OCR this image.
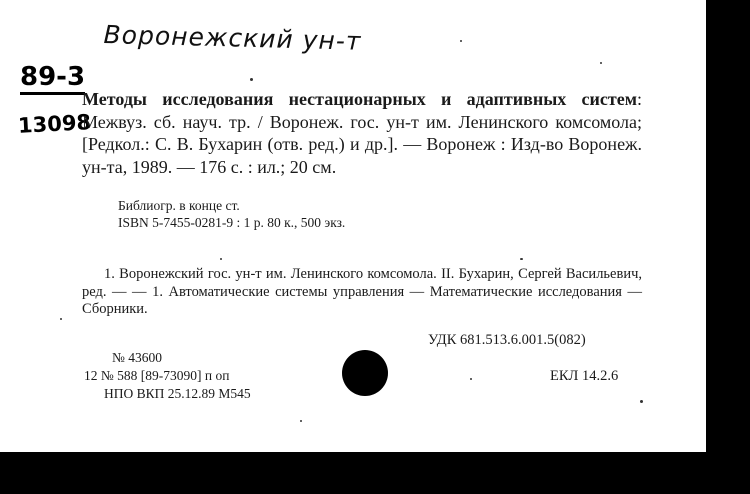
Воронежский ун-т
89-3
13098
Методы исследования нестационарных и адаптивных систем: Межвуз. сб. науч. тр. / Воронеж. гос. ун-т им. Ленинского комсомола; [Редкол.: С. В. Бухарин (отв. ред.) и др.]. — Воронеж : Изд-во Воронеж. ун-та, 1989. — 176 с. : ил.; 20 см.
Библиогр. в конце ст.
ISBN 5-7455-0281-9 : 1 р. 80 к., 500 экз.
1. Воронежский гос. ун-т им. Ленинского комсомола. II. Бухарин, Сергей Васильевич, ред. — — 1. Автоматические системы управления — Математические исследования — Сборники.
УДК 681.513.6.001.5(082)
№ 43600
12 № 588 [89-73090] п оп
НПО ВКП 25.12.89 М545
ЕКЛ 14.2.6
